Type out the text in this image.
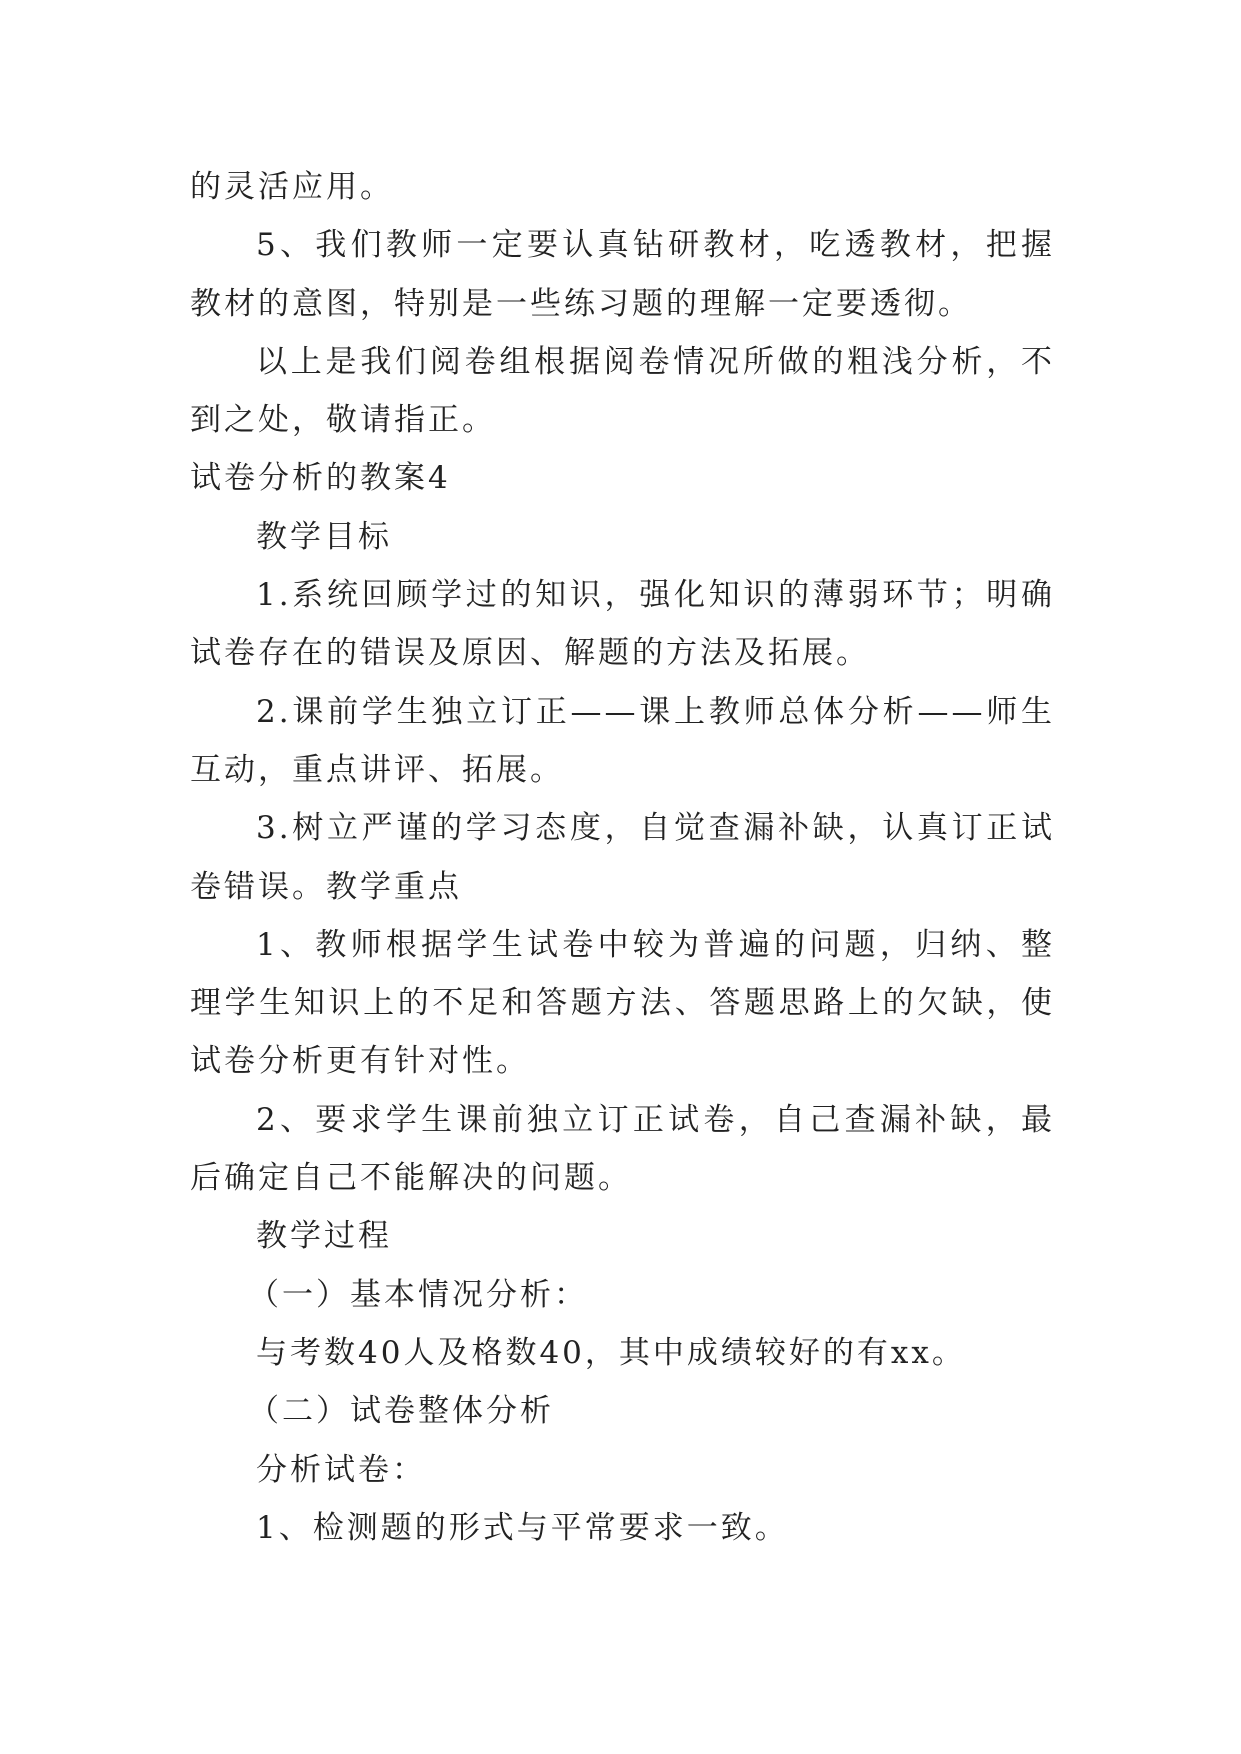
的灵活应用。

5、我们教师一定要认真钻研教材，吃透教材，把握教材的意图，特别是一些练习题的理解一定要透彻。

以上是我们阅卷组根据阅卷情况所做的粗浅分析，不到之处，敬请指正。

试卷分析的教案4

教学目标

1.系统回顾学过的知识，强化知识的薄弱环节；明确试卷存在的错误及原因、解题的方法及拓展。

2.课前学生独立订正——课上教师总体分析——师生互动，重点讲评、拓展。

3.树立严谨的学习态度，自觉查漏补缺，认真订正试卷错误。教学重点

1、教师根据学生试卷中较为普遍的问题，归纳、整理学生知识上的不足和答题方法、答题思路上的欠缺，使试卷分析更有针对性。

2、要求学生课前独立订正试卷，自己查漏补缺，最后确定自己不能解决的问题。

教学过程

（一）基本情况分析：

与考数40人及格数40，其中成绩较好的有xx。

（二）试卷整体分析

分析试卷：

1、检测题的形式与平常要求一致。
